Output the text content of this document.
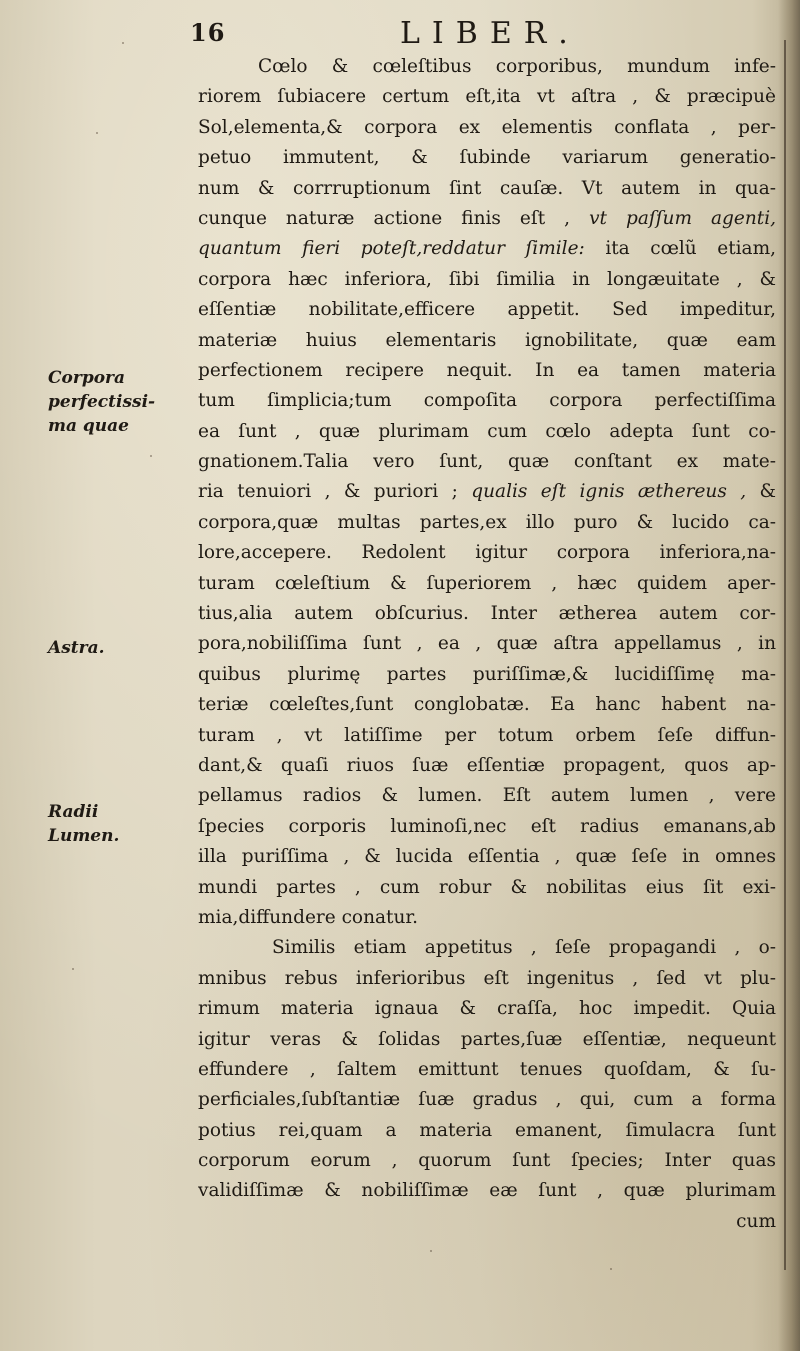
16	LIBER.
Corpora
perfectissi-
ma quae
Astra.
Radii
Lumen.
Cœlo & cœleſtibus corporibus, mundum infe-
riorem ſubiacere certum eſt,ita vt aſtra , & præcipuè
Sol,elementa,& corpora ex elementis conflata , per-
petuo immutent, & ſubinde variarum generatio-
num & corrruptionum ſint cauſæ. Vt autem in qua-
cunque naturæ actione finis eſt , vt paſſum agenti,
quantum fieri poteſt,reddatur ſimile: ita cœlũ etiam,
corpora hæc inferiora, ſibi ſimilia in longæuitate , &
eſſentiæ nobilitate,efficere appetit. Sed impeditur,
materiæ huius elementaris ignobilitate, quæ eam
perfectionem recipere nequit. In ea tamen materia
tum ſimplicia;tum compoſita corpora perfectiſſima
ea ſunt , quæ plurimam cum cœlo adepta ſunt co-
gnationem.Talia vero ſunt, quæ conſtant ex mate-
ria tenuiori , & puriori ; qualis eſt ignis æthereus , &
corpora,quæ multas partes,ex illo puro & lucido ca-
lore,accepere. Redolent igitur corpora inferiora,na-
turam cœleſtium & ſuperiorem , hæc quidem aper-
tius,alia autem obſcurius. Inter ætherea autem cor-
pora,nobiliſſima ſunt , ea , quæ aſtra appellamus , in
quibus plurimę partes puriſſimæ,& lucidiſſimę ma-
teriæ cœleſtes,ſunt conglobatæ. Ea hanc habent na-
turam , vt latiſſime per totum orbem ſeſe diffun-
dant,& quaſi riuos ſuæ eſſentiæ propagent, quos ap-
pellamus radios & lumen. Eſt autem lumen , vere
ſpecies corporis luminoſi,nec eſt radius emanans,ab
illa puriſſima , & lucida eſſentia , quæ ſeſe in omnes
mundi partes , cum robur & nobilitas eius ſit exi-
mia,diffundere conatur.
Similis etiam appetitus , ſeſe propagandi , o-
mnibus rebus inferioribus eſt ingenitus , ſed vt plu-
rimum materia ignaua & craſſa, hoc impedit. Quia
igitur veras & ſolidas partes,ſuæ eſſentiæ, nequeunt
effundere , ſaltem emittunt tenues quoſdam, & ſu-
perficiales,ſubſtantiæ ſuæ gradus , qui, cum a forma
potius rei,quam a materia emanent, ſimulacra ſunt
corporum eorum , quorum ſunt ſpecies; Inter quas
validiſſimæ & nobiliſſimæ eæ ſunt , quæ plurimam
cum
